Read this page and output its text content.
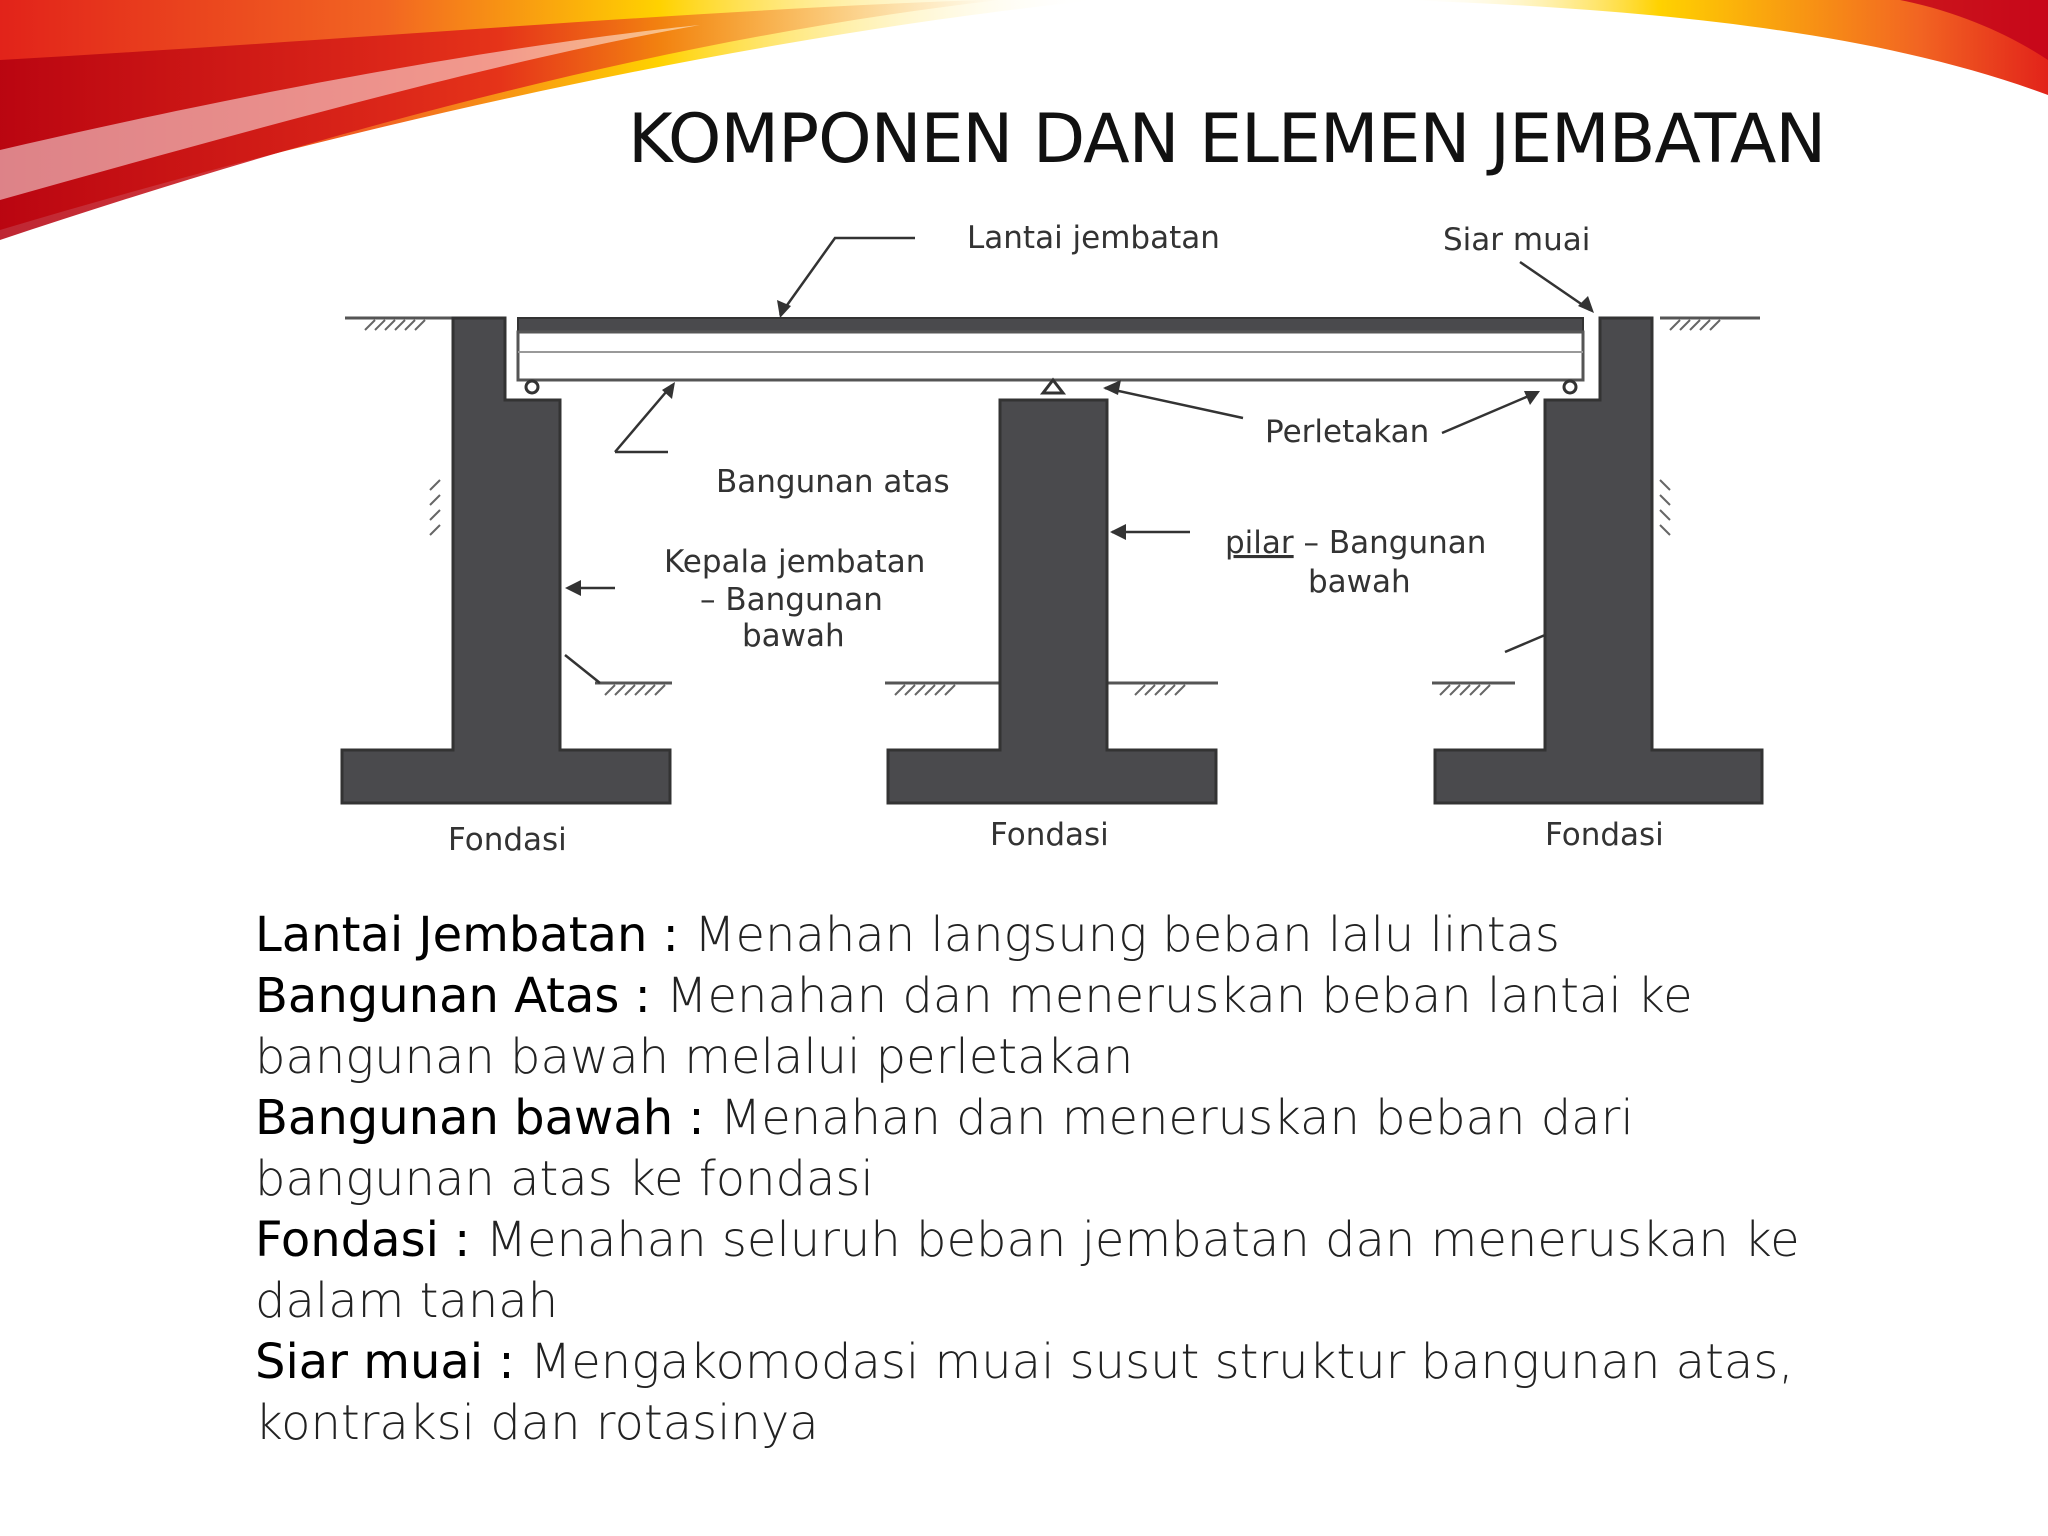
KOMPONEN DAN ELEMEN JEMBATAN
Lantai jembatan	Siar muai
Perletakan
Bangunan atas
Kepala jembatan
– Bangunan
bawah
pilar – Bangunan
bawah
Fondasi	Fondasi	Fondasi

Lantai Jembatan : Menahan langsung beban lalu lintas

Bangunan Atas : Menahan dan meneruskan beban lantai ke bangunan bawah melalui perletakan

Bangunan bawah : Menahan dan meneruskan beban dari bangunan atas ke fondasi

Fondasi : Menahan seluruh beban jembatan dan meneruskan ke dalam tanah

Siar muai : Mengakomodasi muai susut struktur bangunan atas, kontraksi dan rotasinya
